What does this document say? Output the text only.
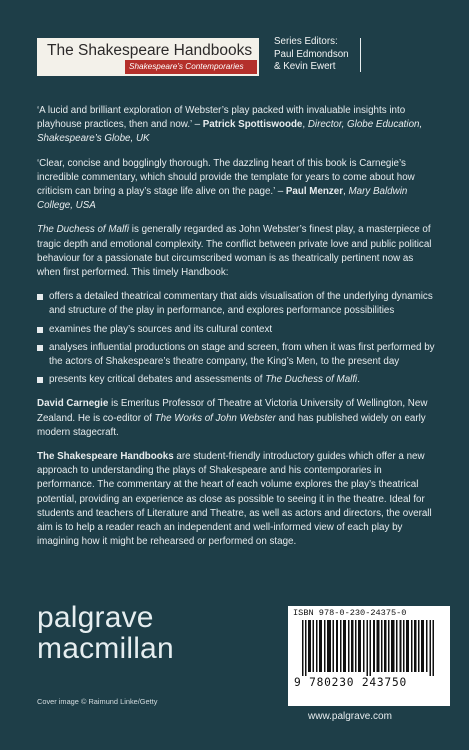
The Shakespeare Handbooks
Shakespeare’s Contemporaries
Series Editors:
Paul Edmondson
& Kevin Ewert

‘A lucid and brilliant exploration of Webster’s play packed with invaluable insights into playhouse practices, then and now.’ – Patrick Spottiswoode, Director, Globe Education, Shakespeare’s Globe, UK

‘Clear, concise and bogglingly thorough. The dazzling heart of this book is Carnegie’s incredible commentary, which should provide the template for years to come about how criticism can bring a play’s stage life alive on the page.’ – Paul Menzer, Mary Baldwin College, USA

The Duchess of Malfi is generally regarded as John Webster’s finest play, a masterpiece of tragic depth and emotional complexity. The conflict between private love and public political behaviour for a passionate but circumscribed woman is as theatrically pertinent now as when first performed. This timely Handbook:

offers a detailed theatrical commentary that aids visualisation of the underlying dynamics and structure of the play in performance, and explores performance possibilities
examines the play’s sources and its cultural context
analyses influential productions on stage and screen, from when it was first performed by the actors of Shakespeare’s theatre company, the King’s Men, to the present day
presents key critical debates and assessments of The Duchess of Malfi.

David Carnegie is Emeritus Professor of Theatre at Victoria University of Wellington, New Zealand. He is co-editor of The Works of John Webster and has published widely on early modern stagecraft.

The Shakespeare Handbooks are student-friendly introductory guides which offer a new approach to understanding the plays of Shakespeare and his contemporaries in performance. The commentary at the heart of each volume explores the play’s theatrical potential, providing an experience as close as possible to seeing it in the theatre. Ideal for students and teachers of Literature and Theatre, as well as actors and directors, the overall aim is to help a reader reach an independent and well-informed view of each play by imagining how it might be rehearsed or performed on stage.

palgrave
macmillan
Cover image © Raimund Linke/Getty
ISBN 978-0-230-24375-0
9 780230 243750
www.palgrave.com
